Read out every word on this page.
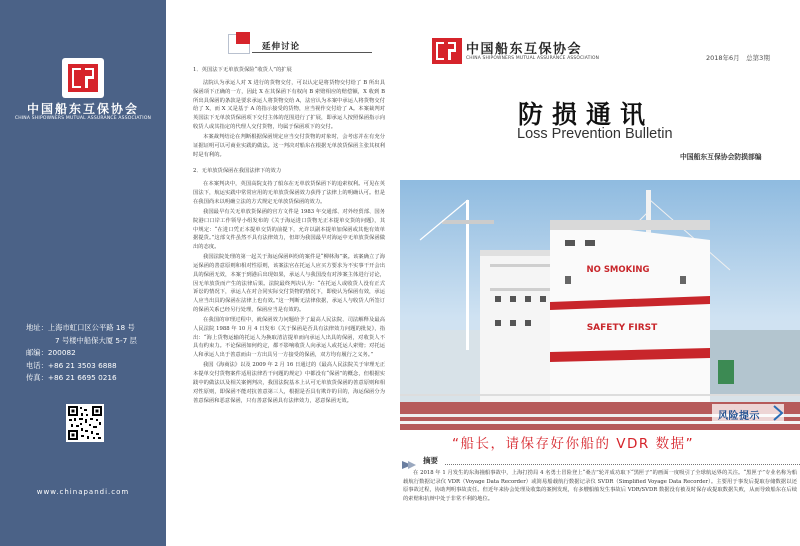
中国船东互保协会
CHINA SHIPOWNERS MUTUAL ASSURANCE ASSOCIATION
地址：上海市虹口区公平路 18 号
7 号楼中船保大厦 5-7 层
邮编：200082
电话：+86 21 3503 6888
传真：+86 21 6695 0216
www.chinapandi.com
延伸讨论

1．英国法下无单放货保险“收货人”的扩展

法院认为承运人对 X 进行的货物交付，可以认定是将货物交付给了 B 所出具保函项下正确的一方，因此 X 在其保函下有权向 B 索赔相应的赔偿额，X 收到 B 所出具保函的条款是要求承运人将货物交给 A，法官认为本案中承运人将货物交付给了 X，而 X 又是基于 A 的指示接受的货物，应当视作交付给了 A。本案裁判对英国法下无单放货保函项下交付主体的范围进行了扩展，即承运人按照保函指示向收货人或其指定的代理人交付货物，均属于保函项下的交付。

本案裁判结论在判断根据保函规定应当交付货物的对象时，会考虑并在有充分证据证明可以可商业实践的做法。这一判决对船东在根据无单放货保函主张其权利时是有利的。

2．无单放货保函在我国法律下的效力

在本案判决中，英国高院支持了船东在无单放货保函下的追索权利。可见在英国法下，航运实践中常常应用的无单放货保函效力获得了法律上的明确认可。但是在我国尚未以明确立法的方式规定无单放货保函的效力。

我国最早有关无单放货保函的官方文件是 1983 年交通部、对外经贸部、国务院港口口岸工作领导小组发布的《关于海运进口货物无正本提单交货的问题》，其中规定：“在进口凭正本提单交货的前提下，允许以副本提单加保函或其他有效单据提货。”这部文件虽然不具有法律效力，但却为我国最早对海运中无单放货保函做出的态度。

我国法院处理的第一起关于海运保函纠纷的案件是“柳林海”案。该案确立了海运保函的善意原则和相对性原则，该案法官在托运人应买方要求为不实事干开会出具的保函无效，本案于到港后出现如果，承运人与我国没有对涉案主体进行讨论，因无单放货而产生的法律后果。法院最终判决认为：“在托运人或收货人没有正式诉讼的情况下，承运人在对合同实际交付货物的情况下，即使认为保函有效，承运人应当出具的保函在法律上也有效。”这一判断无法律依据，承运人与收货人所签订的保函关系已经另行处理，保函应当是有效的。

在我国的审理过程中，就保函效力问题给予了最高人民法院、司法解释及最高人民法院 1988 年 10 月 4 日发布《关于保函是否具有法律效力问题的批复》，指出：“海上货物运输的托运人为换取清洁提单而向承运人出具的保函，对收货人不具有约束力。不论保函如何约定，都不影响收货人向承运人或托运人索赔；对托运人和承运人出于善意而由一方出具另一方接受的保函，双方均有履行之义务。”

我国《海商法》以及 2009 年 2 月 16 日通过的《最高人民法院关于审理无正本提单交付货物案件适用法律若干问题的规定》中都没有“保函”的概念，但根据实践中的做法以及相关案例判决，我国法院基本上认可无单放货保函的善意原则和相对性原则，即保函不能对抗善意第三人，根据是否具有欺诈的目的，海运保函分为善意保函和恶意保函，只有善意保函具有法律效力，恶意保函无效。

中国船东互保协会
CHINA SHIPOWNERS MUTUAL ASSURANCE ASSOCIATION	2018年6月　总第3期
防损通讯
Loss Prevention Bulletin
中国船东互保协会防损部编
NO SMOKING
SAFETY FIRST
风险提示
“船长，请保存好你船的 VDR 数据”
摘要

在 2018 年 1 月发生的东海撞船事故中，上海打捞局 4 名勇士冒险登上“桑吉”轮并成功取下“黑匣子”的画面一度吸引了全球航运界的关注。“黑匣子”专业名称为船载航行数据记录仪 VDR（Voyage Data Recorder）或简易船载航行数据记录仪 SVDR（Simplified Voyage Data Recorder）。主要用于事发后提取存储数据以还原事故过程，协助判明事故责任。但近年来协会处理及收集的案例发现，有多艘船舶发生事故后 VDR/SVDR 数据没有被及时保存或提取数据失败，从而导致船东在后续的索赔和抗辩中处于非常不利的地位。
